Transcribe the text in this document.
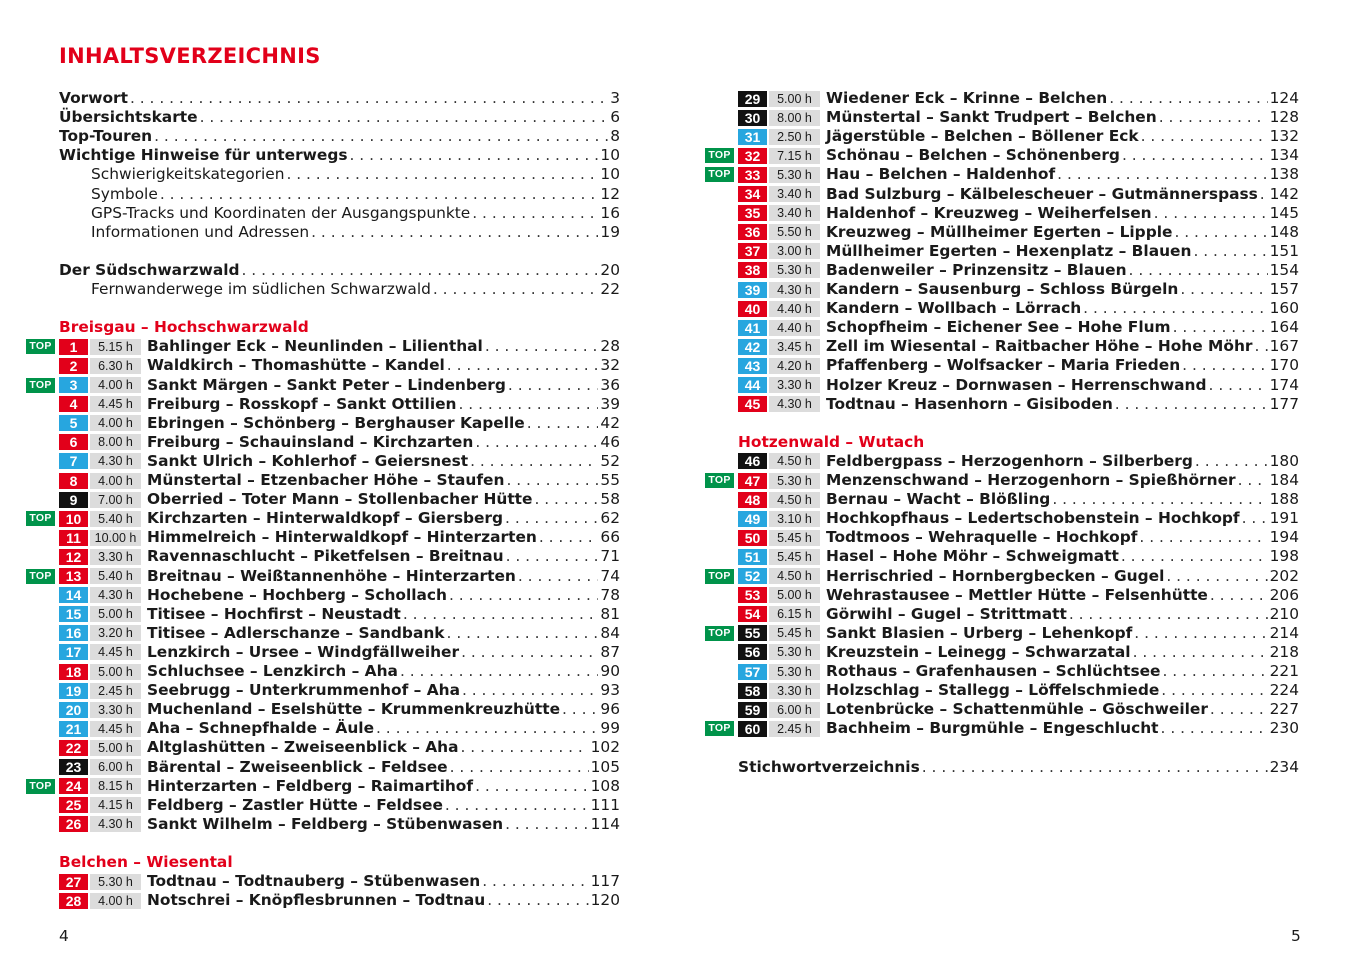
INHALTSVERZEICHNIS
Vorwort . . .	3
Übersichtskarte . . .	6
Top-Touren . . .	8
Wichtige Hinweise für unterwegs . . .	10
Schwierigkeitskategorien . . .	10
Symbole . . .	12
GPS-Tracks und Koordinaten der Ausgangspunkte . . .	16
Informationen und Adressen . . .	19
Der Südschwarzwald . . .	20
Fernwanderwege im südlichen Schwarzwald . . .	22
Breisgau – Hochschwarzwald
Belchen – Wiesental
1	5.15 h Bahlinger Eck – Neunlinden – Lilienthal . . .	28
TOP
2	6.30 h Waldkirch – Thomashütte – Kandel . . .	32
3	4.00 h Sankt Märgen – Sankt Peter – Lindenberg . . .	36
TOP
4	4.45 h Freiburg – Rosskopf – Sankt Ottilien . . .	39
5	4.00 h Ebringen – Schönberg – Berghauser Kapelle . . .	42
6	8.00 h Freiburg – Schauinsland – Kirchzarten . . .	46
7	4.30 h Sankt Ulrich – Kohlerhof – Geiersnest . . .	52
8	4.00 h Münstertal – Etzenbacher Höhe – Staufen . . .	55
9	7.00 h Oberried – Toter Mann – Stollenbacher Hütte . . .	58
10	5.40 h Kirchzarten – Hinterwaldkopf – Giersberg . . .	62
TOP
11	10.00 h Himmelreich – Hinterwaldkopf – Hinterzarten . . .	66
12	3.30 h Ravennaschlucht – Piketfelsen – Breitnau . . .	71
13	5.40 h Breitnau – Weißtannenhöhe – Hinterzarten . . .	74
TOP
14	4.30 h Hochebene – Hochberg – Schollach . . .	78
15	5.00 h Titisee – Hochfirst – Neustadt . . .	81
16	3.20 h Titisee – Adlerschanze – Sandbank . . .	84
17	4.45 h Lenzkirch – Ursee – Windgfällweiher . . .	87
18	5.00 h Schluchsee – Lenzkirch – Aha . . .	90
19	2.45 h Seebrugg – Unterkrummenhof – Aha . . .	93
20	3.30 h Muchenland – Eselshütte – Krummenkreuzhütte . . .	96
21	4.45 h Aha – Schnepfhalde – Äule . . .	99
22	5.00 h Altglashütten – Zweiseenblick – Aha . . .	102
23	6.00 h Bärental – Zweiseenblick – Feldsee . . .	105
24	8.15 h Hinterzarten – Feldberg – Raimartihof . . .	108
TOP
25	4.15 h Feldberg – Zastler Hütte – Feldsee . . .	111
26	4.30 h Sankt Wilhelm – Feldberg – Stübenwasen . . .	114
27	5.30 h Todtnau – Todtnauberg – Stübenwasen . . .	117
28	4.00 h Notschrei – Knöpflesbrunnen – Todtnau . . .	120
Hotzenwald – Wutach
29	5.00 h Wiedener Eck – Krinne – Belchen . . .	124
30	8.00 h Münstertal – Sankt Trudpert – Belchen . . .	128
31	2.50 h Jägerstüble – Belchen – Böllener Eck . . .	132
32	7.15 h Schönau – Belchen – Schönenberg . . .	134
TOP
33	5.30 h Hau – Belchen – Haldenhof . . .	138
TOP
34	3.40 h Bad Sulzburg – Kälbelescheuer – Gutmännerspass . . . 142
35	3.40 h Haldenhof – Kreuzweg – Weiherfelsen . . .	145
36	5.50 h Kreuzweg – Müllheimer Egerten – Lipple . . .	148
37	3.00 h Müllheimer Egerten – Hexenplatz – Blauen . . .	151
38	5.30 h Badenweiler – Prinzensitz – Blauen . . .	154
39	4.30 h Kandern – Sausenburg – Schloss Bürgeln . . .	157
40	4.40 h Kandern – Wollbach – Lörrach . . .	160
41	4.40 h Schopfheim – Eichener See – Hohe Flum . . .	164
42	3.45 h Zell im Wiesental – Raitbacher Höhe – Hohe Möhr . . . 167
43	4.20 h Pfaffenberg – Wolfsacker – Maria Frieden . . .	170
44	3.30 h Holzer Kreuz – Dornwasen – Herrenschwand . . .	174
45	4.30 h Todtnau – Hasenhorn – Gisiboden . . .	177
46	4.50 h Feldbergpass – Herzogenhorn – Silberberg . . .	180
47	5.30 h Menzenschwand – Herzogenhorn – Spießhörner . . . 184
TOP
48	4.50 h Bernau – Wacht – Blößling . . .	188
49	3.10 h Hochkopfhaus – Ledertschobenstein – Hochkopf . . . 191
50	5.45 h Todtmoos – Wehraquelle – Hochkopf . . .	194
51	5.45 h Hasel – Hohe Möhr – Schweigmatt . . .	198
52	4.50 h Herrischried – Hornbergbecken – Gugel . . .	202
TOP
53	5.00 h Wehrastausee – Mettler Hütte – Felsenhütte . . .	206
54	6.15 h Görwihl – Gugel – Strittmatt . . .	210
55	5.45 h Sankt Blasien – Urberg – Lehenkopf . . .	214
TOP
56	5.30 h Kreuzstein – Leinegg – Schwarzatal . . .	218
57	5.30 h Rothaus – Grafenhausen – Schlüchtsee . . .	221
58	3.30 h Holzschlag – Stallegg – Löffelschmiede . . .	224
59	6.00 h Lotenbrücke – Schattenmühle – Göschweiler . . .	227
60	2.45 h Bachheim – Burgmühle – Engeschlucht . . .	230
TOP
Stichwortverzeichnis . . .	234
4	5
